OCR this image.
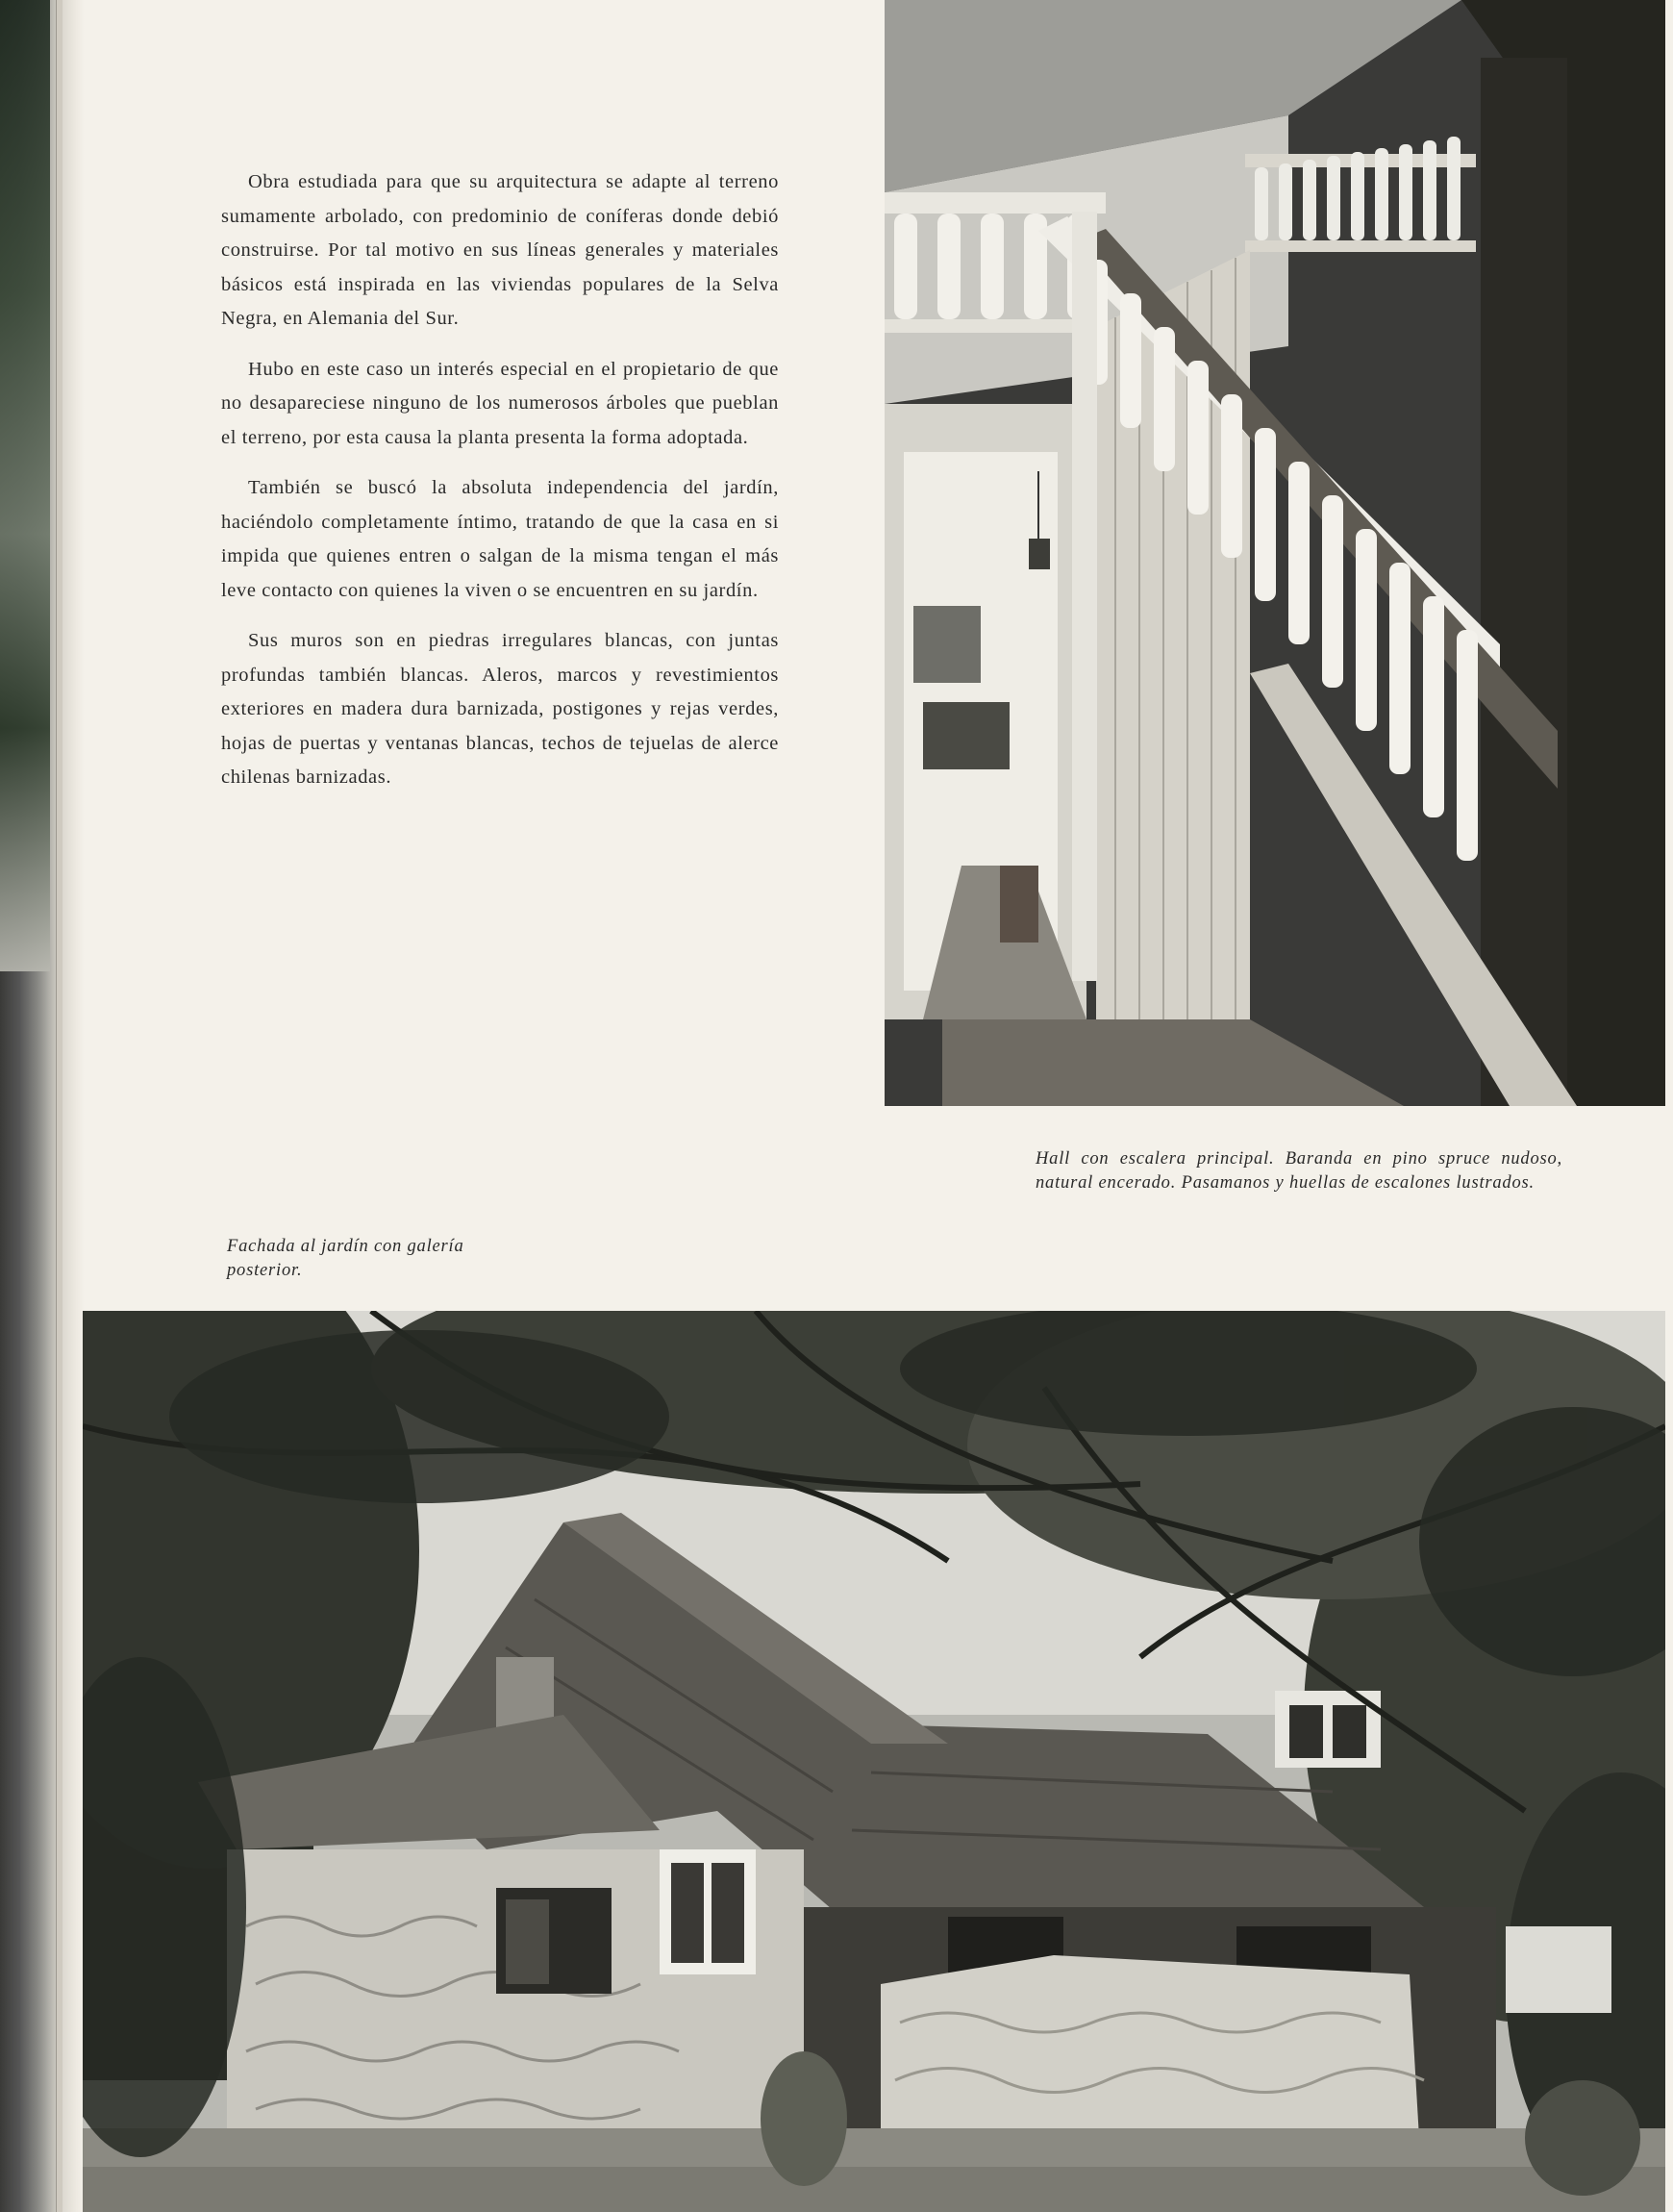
Obra estudiada para que su arquitectura se adapte al terreno sumamente arbolado, con predominio de coníferas donde debió construirse. Por tal motivo en sus líneas generales y materiales básicos está inspirada en las viviendas populares de la Selva Negra, en Alemania del Sur.

Hubo en este caso un interés especial en el propietario de que no desapareciese ninguno de los numerosos árboles que pueblan el terreno, por esta causa la planta presenta la forma adoptada.

También se buscó la absoluta independencia del jardín, haciéndolo completamente íntimo, tratando de que la casa en si impida que quienes entren o salgan de la misma tengan el más leve contacto con quienes la viven o se encuentren en su jardín.

Sus muros son en piedras irregulares blancas, con juntas profundas también blancas. Aleros, marcos y revestimientos exteriores en madera dura barnizada, postigones y rejas verdes, hojas de puertas y ventanas blancas, techos de tejuelas de alerce chilenas barnizadas.

Hall con escalera principal. Baranda en pino spruce nudoso, natural encerado. Pasamanos y huellas de escalones lustrados.
Fachada al jardín con galería posterior.
